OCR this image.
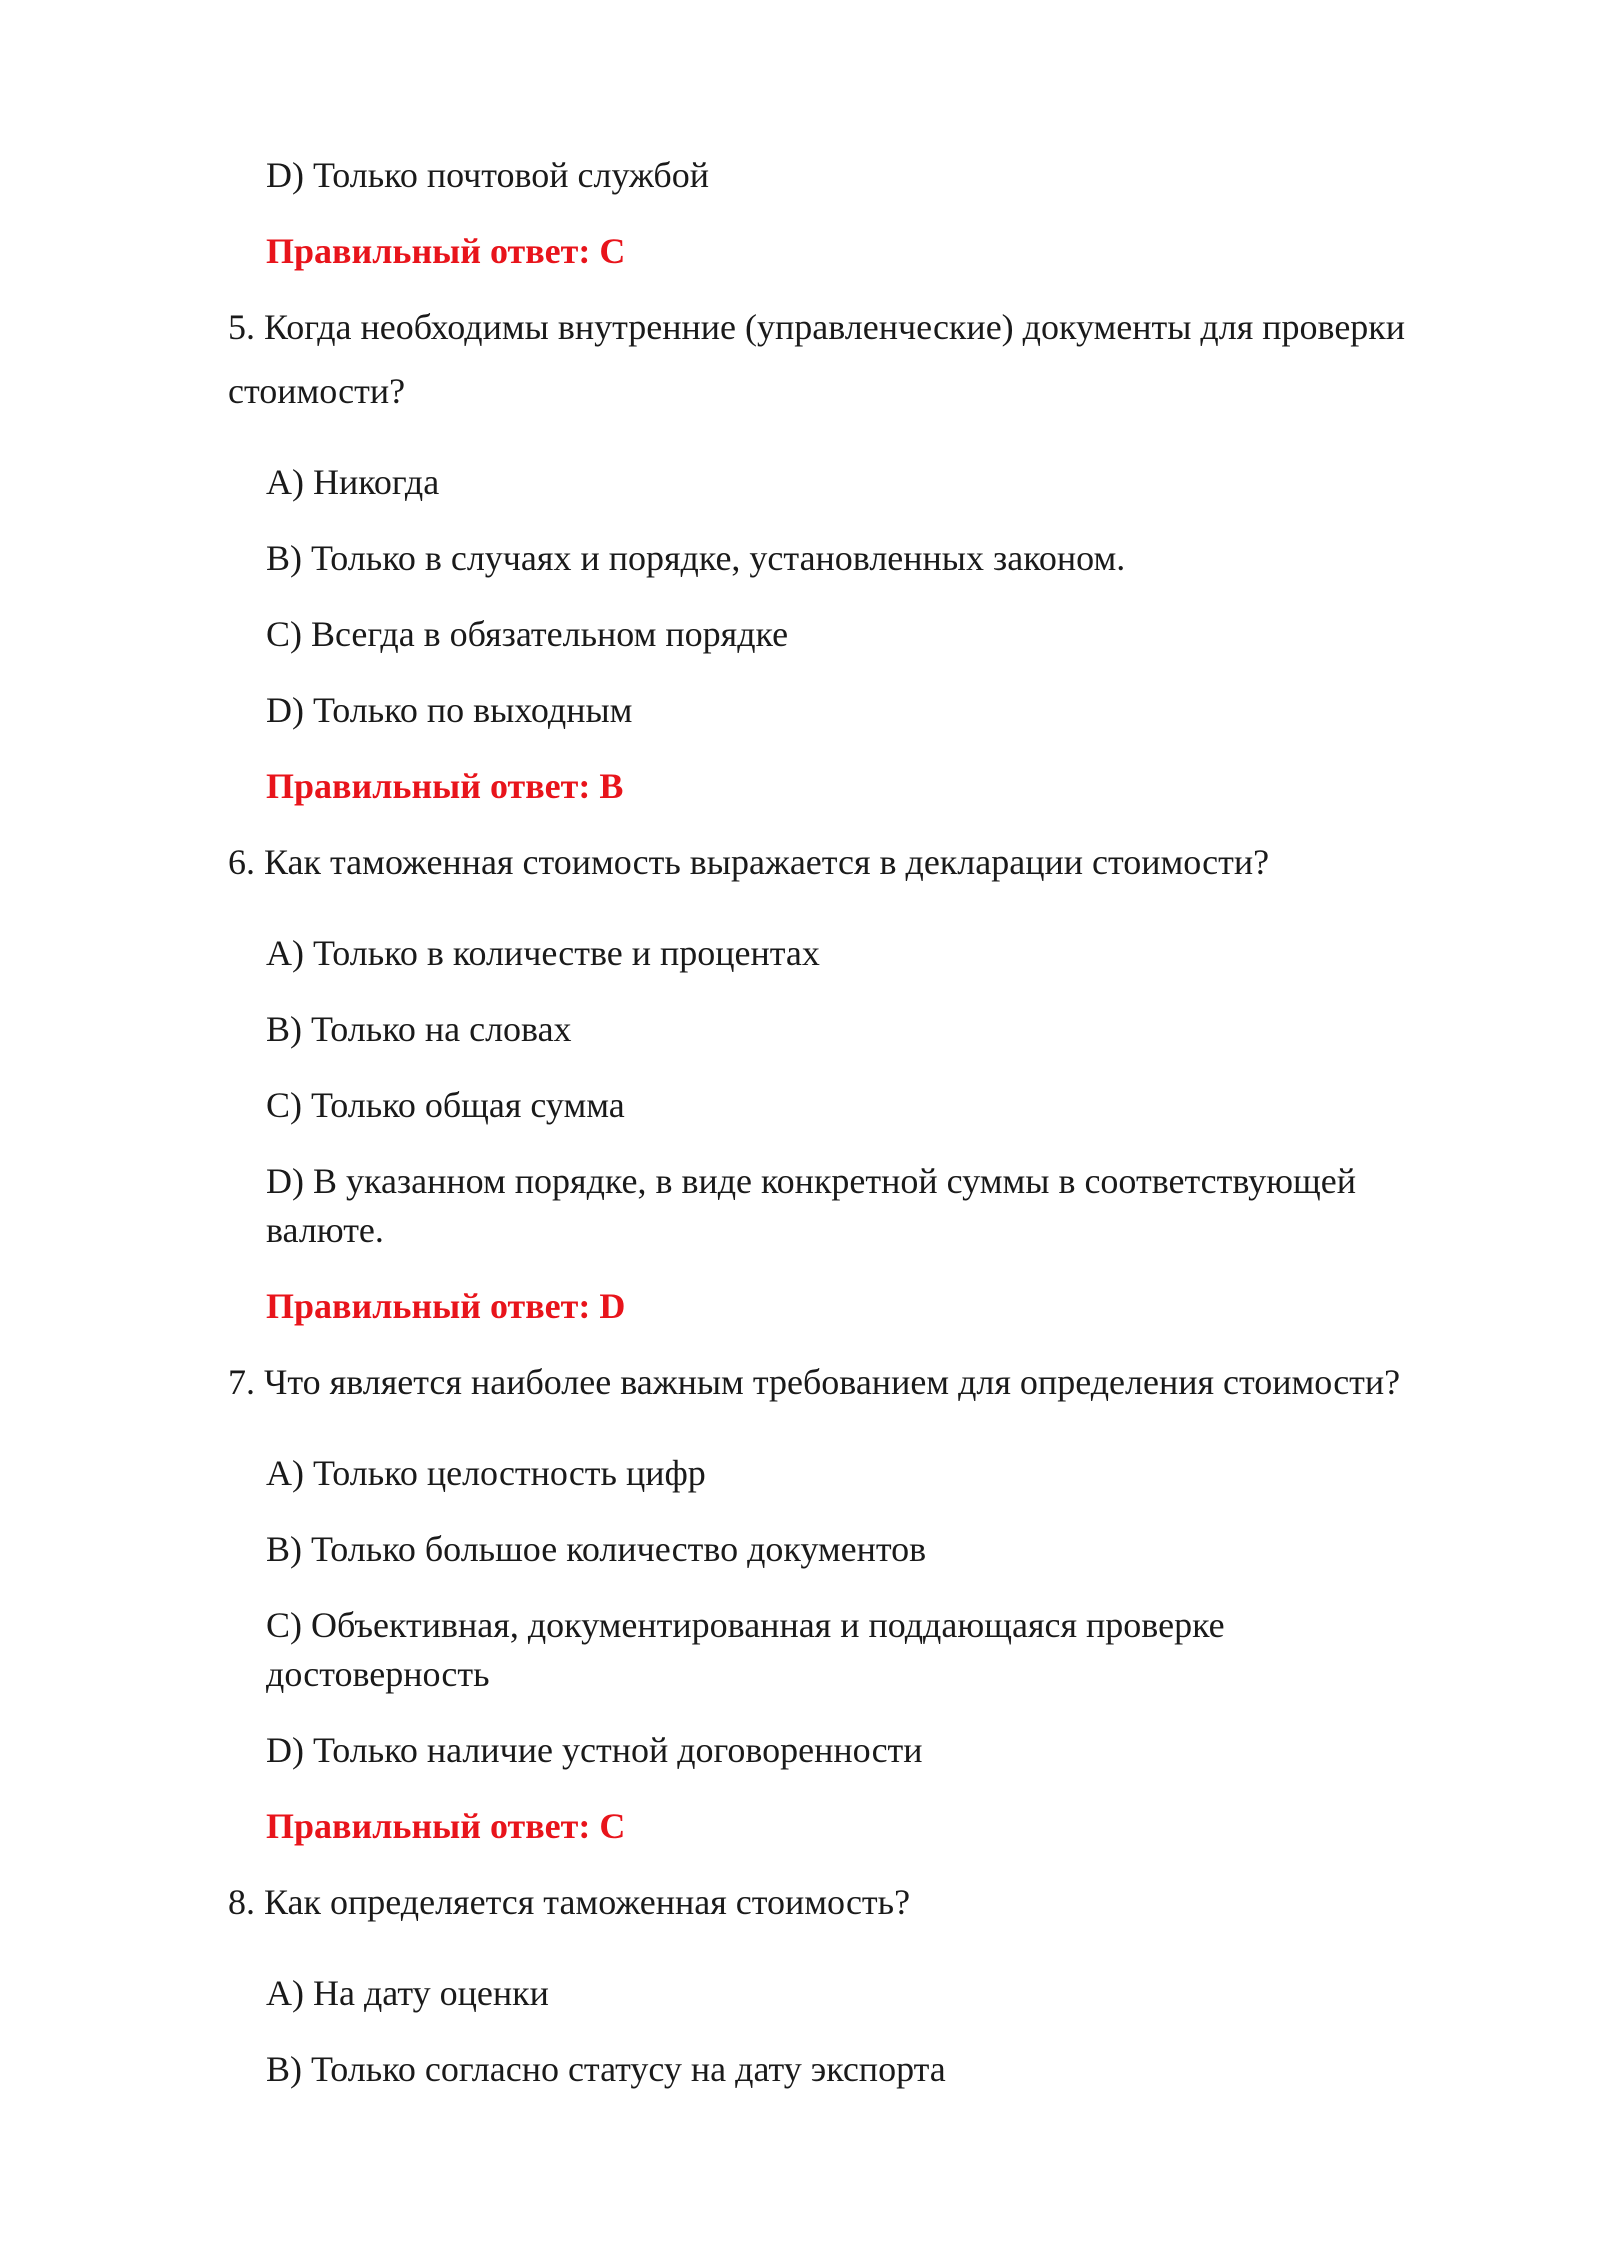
D) Только почтовой службой
Правильный ответ: C
5. Когда необходимы внутренние (управленческие) документы для проверки
стоимости?
A) Никогда
B) Только в случаях и порядке, установленных законом.
C) Всегда в обязательном порядке
D) Только по выходным
Правильный ответ: B
6. Как таможенная стоимость выражается в декларации стоимости?
A) Только в количестве и процентах
B) Только на словах
C) Только общая сумма
D) В указанном порядке, в виде конкретной суммы в соответствующей
валюте.
Правильный ответ: D
7. Что является наиболее важным требованием для определения стоимости?
A) Только целостность цифр
B) Только большое количество документов
C) Объективная, документированная и поддающаяся проверке
достоверность
D) Только наличие устной договоренности
Правильный ответ: C
8. Как определяется таможенная стоимость?
A) На дату оценки
B) Только согласно статусу на дату экспорта
